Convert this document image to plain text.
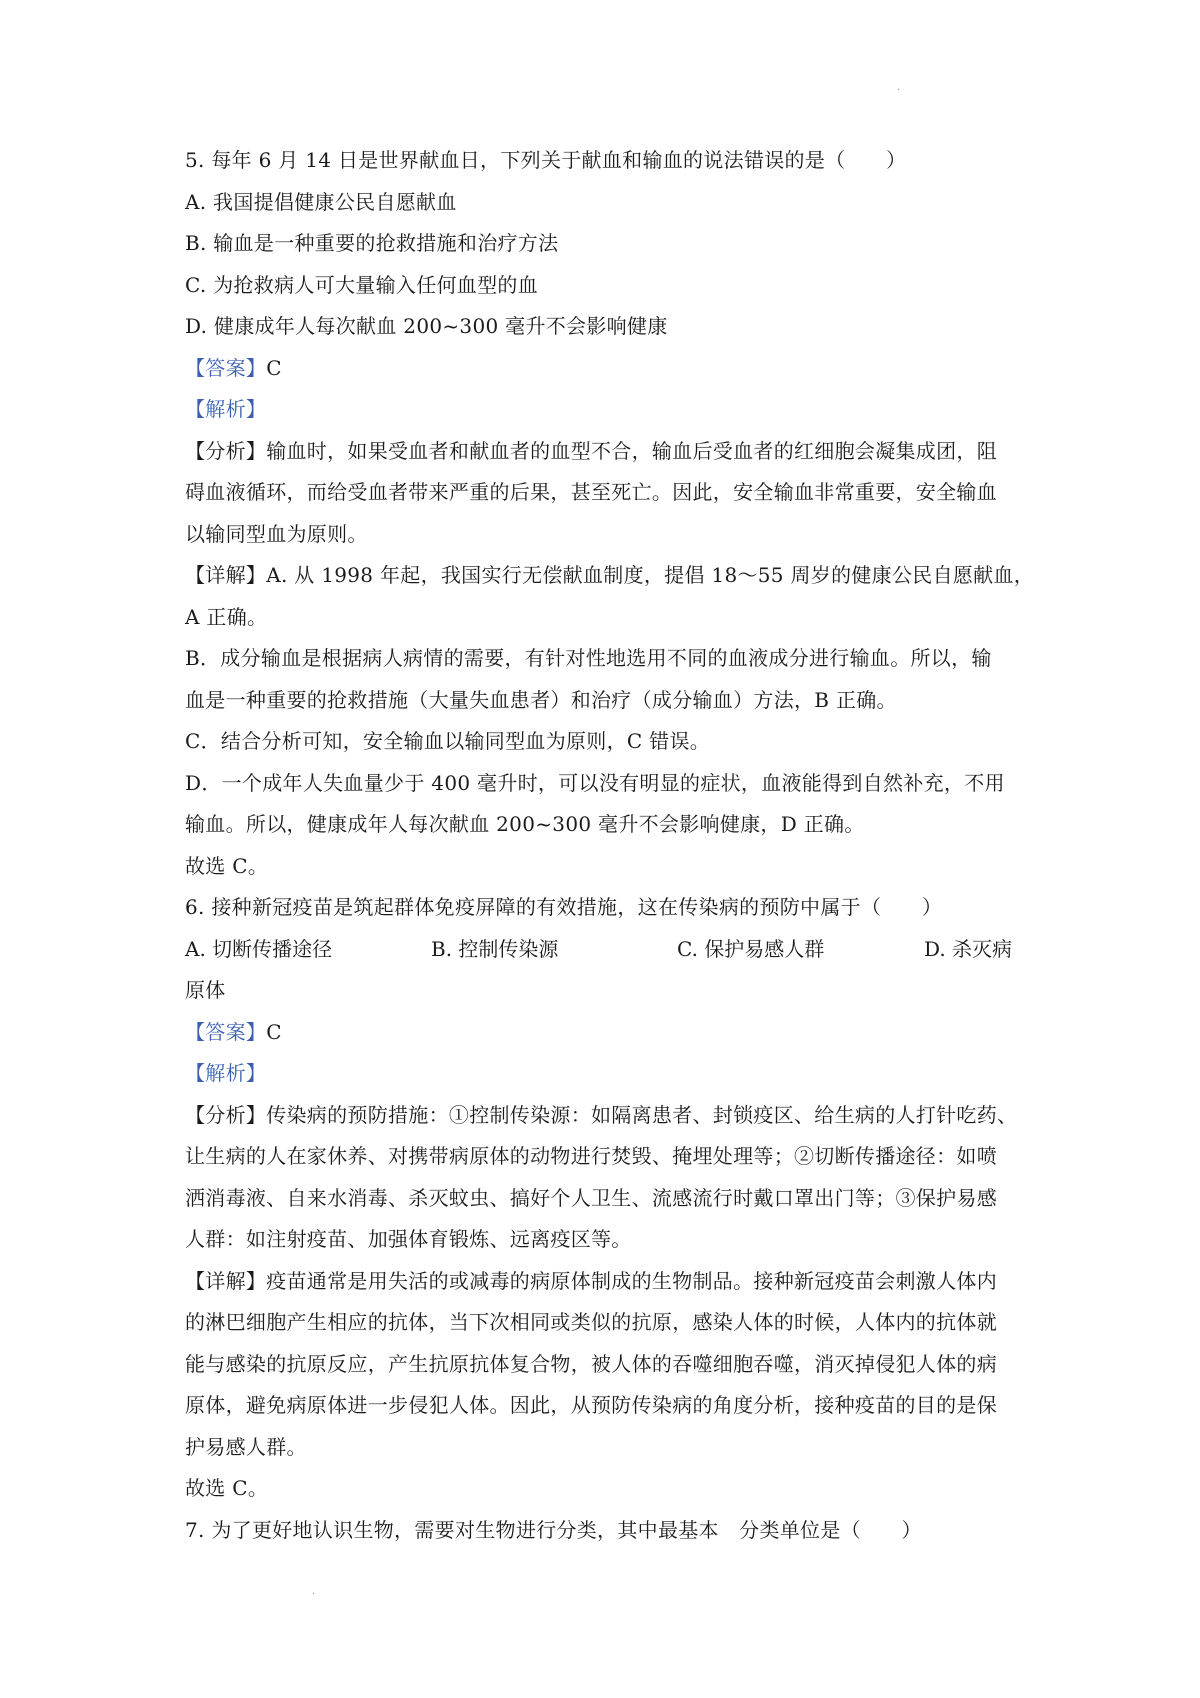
.

5. 每年 6 月 14 日是世界献血日，下列关于献血和输血的说法错误的是（　　）

A. 我国提倡健康公民自愿献血

B. 输血是一种重要的抢救措施和治疗方法

C. 为抢救病人可大量输入任何血型的血

D. 健康成年人每次献血 200~300 毫升不会影响健康

【答案】C

【解析】

【分析】输血时，如果受血者和献血者的血型不合，输血后受血者的红细胞会凝集成团，阻

碍血液循环，而给受血者带来严重的后果，甚至死亡。因此，安全输血非常重要，安全输血

以输同型血为原则。

【详解】A. 从 1998 年起，我国实行无偿献血制度，提倡 18～55 周岁的健康公民自愿献血，

A 正确。

B．成分输血是根据病人病情的需要，有针对性地选用不同的血液成分进行输血。所以，输

血是一种重要的抢救措施（大量失血患者）和治疗（成分输血）方法，B 正确。

C．结合分析可知，安全输血以输同型血为原则，C 错误。

D．一个成年人失血量少于 400 毫升时，可以没有明显的症状，血液能得到自然补充，不用

输血。所以，健康成年人每次献血 200~300 毫升不会影响健康，D 正确。

故选 C。

6. 接种新冠疫苗是筑起群体免疫屏障的有效措施，这在传染病的预防中属于（　　）

A. 切断传播途径	B. 控制传染源	C. 保护易感人群	D. 杀灭病

原体

【答案】C

【解析】

【分析】传染病的预防措施：①控制传染源：如隔离患者、封锁疫区、给生病的人打针吃药、

让生病的人在家休养、对携带病原体的动物进行焚毁、掩埋处理等；②切断传播途径：如喷

洒消毒液、自来水消毒、杀灭蚊虫、搞好个人卫生、流感流行时戴口罩出门等；③保护易感

人群：如注射疫苗、加强体育锻炼、远离疫区等。

【详解】疫苗通常是用失活的或减毒的病原体制成的生物制品。接种新冠疫苗会刺激人体内

的淋巴细胞产生相应的抗体，当下次相同或类似的抗原，感染人体的时候，人体内的抗体就

能与感染的抗原反应，产生抗原抗体复合物，被人体的吞噬细胞吞噬，消灭掉侵犯人体的病

原体，避免病原体进一步侵犯人体。因此，从预防传染病的角度分析，接种疫苗的目的是保

护易感人群。

故选 C。

7. 为了更好地认识生物，需要对生物进行分类，其中最基本　分类单位是（　　）

.
